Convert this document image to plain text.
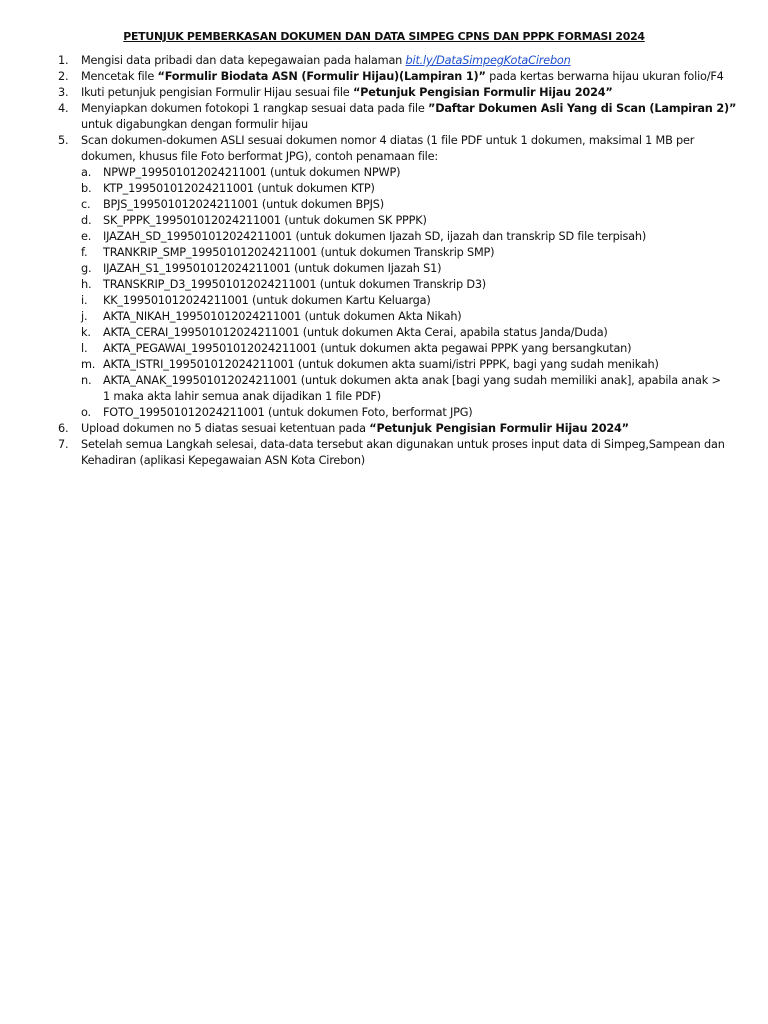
PETUNJUK PEMBERKASAN DOKUMEN DAN DATA SIMPEG CPNS DAN PPPK FORMASI 2024
1. Mengisi data pribadi dan data kepegawaian pada halaman bit.ly/DataSimpegKotaCirebon
2. Mencetak file “Formulir Biodata ASN (Formulir Hijau)(Lampiran 1)” pada kertas berwarna hijau ukuran folio/F4
3. Ikuti petunjuk pengisian Formulir Hijau sesuai file “Petunjuk Pengisian Formulir Hijau 2024”
4. Menyiapkan dokumen fotokopi 1 rangkap sesuai data pada file ”Daftar Dokumen Asli Yang di Scan (Lampiran 2)”
untuk digabungkan dengan formulir hijau
5. Scan dokumen-dokumen ASLI sesuai dokumen nomor 4 diatas (1 file PDF untuk 1 dokumen, maksimal 1 MB per
dokumen, khusus file Foto berformat JPG), contoh penamaan file:
a. NPWP_199501012024211001 (untuk dokumen NPWP)
b. KTP_199501012024211001 (untuk dokumen KTP)
c. BPJS_199501012024211001 (untuk dokumen BPJS)
d. SK_PPPK_199501012024211001 (untuk dokumen SK PPPK)
e. IJAZAH_SD_199501012024211001 (untuk dokumen Ijazah SD, ijazah dan transkrip SD file terpisah)
f. TRANKRIP_SMP_199501012024211001 (untuk dokumen Transkrip SMP)
g. IJAZAH_S1_199501012024211001 (untuk dokumen Ijazah S1)
h. TRANSKRIP_D3_199501012024211001 (untuk dokumen Transkrip D3)
i. KK_199501012024211001 (untuk dokumen Kartu Keluarga)
j. AKTA_NIKAH_199501012024211001 (untuk dokumen Akta Nikah)
k. AKTA_CERAI_199501012024211001 (untuk dokumen Akta Cerai, apabila status Janda/Duda)
l. AKTA_PEGAWAI_199501012024211001 (untuk dokumen akta pegawai PPPK yang bersangkutan)
m. AKTA_ISTRI_199501012024211001 (untuk dokumen akta suami/istri PPPK, bagi yang sudah menikah)
n. AKTA_ANAK_199501012024211001 (untuk dokumen akta anak [bagi yang sudah memiliki anak], apabila anak >
1 maka akta lahir semua anak dijadikan 1 file PDF)
o. FOTO_199501012024211001 (untuk dokumen Foto, berformat JPG)
6. Upload dokumen no 5 diatas sesuai ketentuan pada “Petunjuk Pengisian Formulir Hijau 2024”
7. Setelah semua Langkah selesai, data-data tersebut akan digunakan untuk proses input data di Simpeg,Sampean dan
Kehadiran (aplikasi Kepegawaian ASN Kota Cirebon)
